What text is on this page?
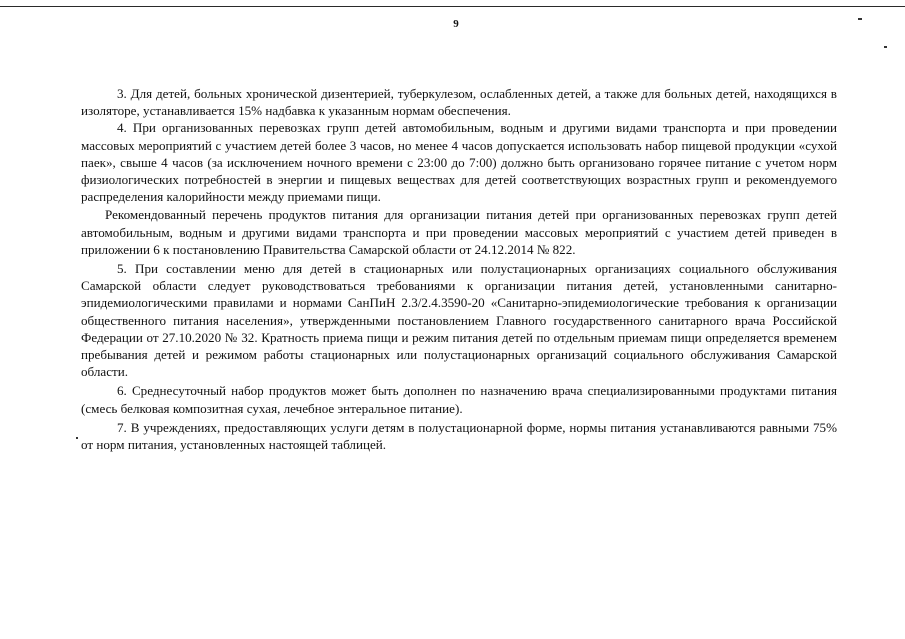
9

3. Для детей, больных хронической дизентерией, туберкулезом, ослабленных детей, а также для больных детей, находящихся в изоляторе, устанавливается 15% надбавка к указанным нормам обеспечения.

4. При организованных перевозках групп детей автомобильным, водным и другими видами транспорта и при проведении массовых мероприятий с участием детей более 3 часов, но менее 4 часов допускается использовать набор пищевой продукции «сухой паек», свыше 4 часов (за исключением ночного времени с 23:00 до 7:00) должно быть организовано горячее питание с учетом норм физиологических потребностей в энергии и пищевых веществах для детей соответствующих возрастных групп и рекомендуемого распределения калорийности между приемами пищи.

Рекомендованный перечень продуктов питания для организации питания детей при организованных перевозках групп детей автомобильным, водным и другими видами транспорта и при проведении массовых мероприятий с участием детей приведен в приложении 6 к постановлению Правительства Самарской области от 24.12.2014 № 822.

5. При составлении меню для детей в стационарных или полустационарных организациях социального обслуживания Самарской области следует руководствоваться требованиями к организации питания детей, установленными санитарно-эпидемиологическими правилами и нормами СанПиН 2.3/2.4.3590-20 «Санитарно-эпидемиологические требования к организации общественного питания населения», утвержденными постановлением Главного государственного санитарного врача Российской Федерации от 27.10.2020 № 32. Кратность приема пищи и режим питания детей по отдельным приемам пищи определяется временем пребывания детей и режимом работы стационарных или полустационарных организаций социального обслуживания Самарской области.

6. Среднесуточный набор продуктов может быть дополнен по назначению врача специализированными продуктами питания (смесь белковая композитная сухая, лечебное энтеральное питание).

7. В учреждениях, предоставляющих услуги детям в полустационарной форме, нормы питания устанавливаются равными 75% от норм питания, установленных настоящей таблицей.
